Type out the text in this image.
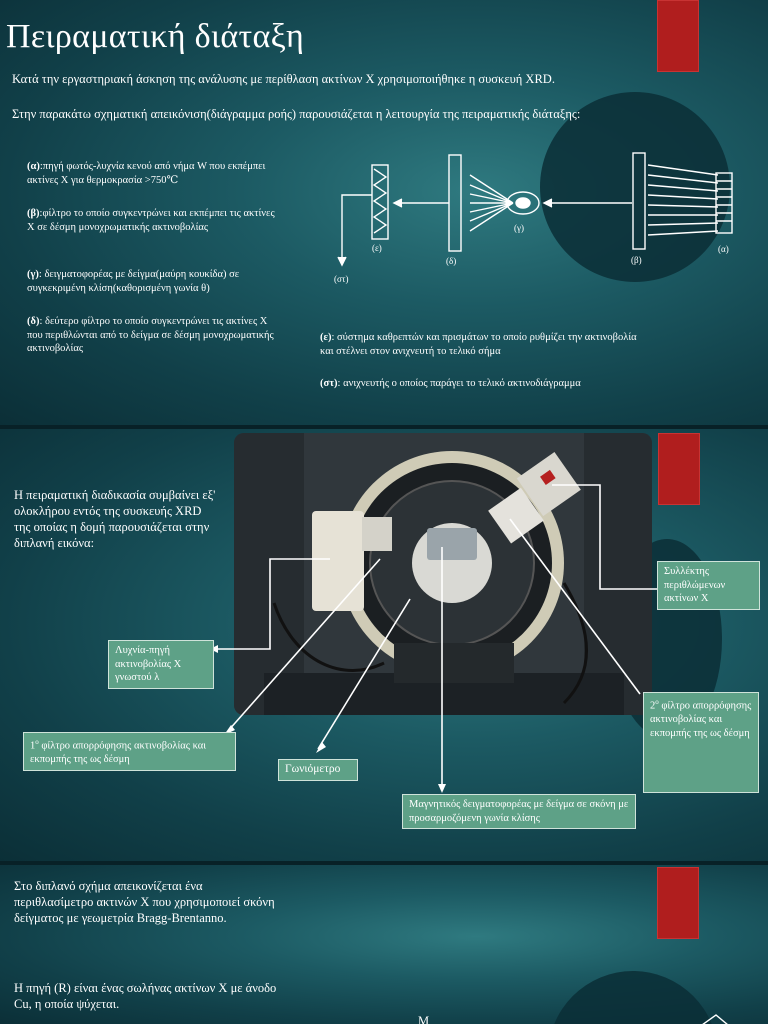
Πειραματική διάταξη
Κατά την εργαστηριακή άσκηση της ανάλυσης με περίθλαση ακτίνων Χ χρησιμοποιήθηκε η συσκευή XRD.
Στην παρακάτω σχηματική απεικόνιση(διάγραμμα ροής) παρουσιάζεται η λειτουργία της πειραματικής διάταξης:
(α):πηγή φωτός-λυχνία κενού από νήμα W που εκπέμπει ακτίνες Χ για θερμοκρασία >750℃
(β):φίλτρο το οποίο συγκεντρώνει και εκπέμπει τις ακτίνες Χ σε δέσμη μονοχρωματικής ακτινοβολίας
(γ): δειγματοφορέας με δείγμα(μαύρη κουκίδα) σε συγκεκριμένη κλίση(καθορισμένη γωνία θ)
(δ): δεύτερο φίλτρο το οποίο συγκεντρώνει τις ακτίνες Χ που περιθλώνται από το δείγμα σε δέσμη μονοχρωματικής ακτινοβολίας
(ε): σύστημα καθρεπτών και πρισμάτων το οποίο ρυθμίζει την ακτινοβολία και στέλνει στον ανιχνευτή το τελικό σήμα
(στ): ανιχνευτής ο οποίος παράγει το τελικό ακτινοδιάγραμμα
(ε)
(δ)
(γ)
(β)
(α)
(στ)
Η πειραματική διαδικασία συμβαίνει εξ' ολοκλήρου εντός της συσκευής XRD της οποίας η δομή παρουσιάζεται στην διπλανή εικόνα:
Λυχνία-πηγή ακτινοβολίας Χ γνωστού λ
$1^o$ φίλτρο απορρόφησης ακτινοβολίας και εκπομπής της ως δέσμη
Γωνιόμετρο
Μαγνητικός δειγματοφορέας με δείγμα σε σκόνη με προσαρμοζόμενη γωνία κλίσης
Συλλέκτης περιθλώμενων ακτίνων Χ
$2^o$ φίλτρο απορρόφησης ακτινοβολίας και εκπομπής της ως δέσμη
Στο διπλανό σχήμα απεικονίζεται ένα περιθλασίμετρο ακτινών Χ που χρησιμοποιεί σκόνη δείγματος με γεωμετρία Bragg-Brentanno.
Η πηγή (R) είναι ένας σωλήνας ακτίνων Χ με άνοδο Cu, η οποία ψύχεται.
Μ
